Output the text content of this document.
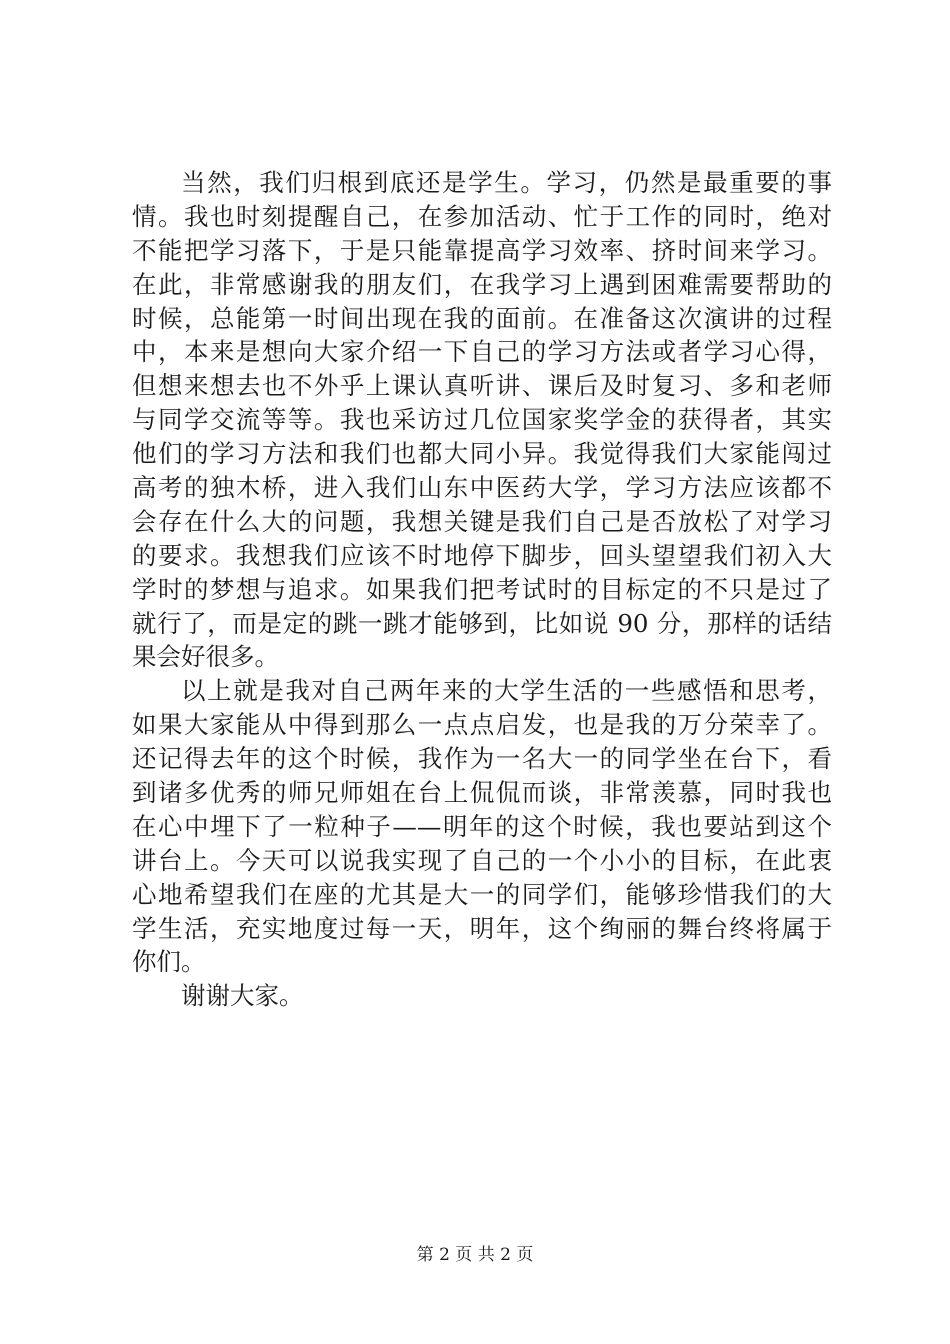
当然，我们归根到底还是学生。学习，仍然是最重要的事
情。我也时刻提醒自己，在参加活动、忙于工作的同时，绝对
不能把学习落下，于是只能靠提高学习效率、挤时间来学习。
在此，非常感谢我的朋友们，在我学习上遇到困难需要帮助的
时候，总能第一时间出现在我的面前。在准备这次演讲的过程
中，本来是想向大家介绍一下自己的学习方法或者学习心得，
但想来想去也不外乎上课认真听讲、课后及时复习、多和老师
与同学交流等等。我也采访过几位国家奖学金的获得者，其实
他们的学习方法和我们也都大同小异。我觉得我们大家能闯过
高考的独木桥，进入我们山东中医药大学，学习方法应该都不
会存在什么大的问题，我想关键是我们自己是否放松了对学习
的要求。我想我们应该不时地停下脚步，回头望望我们初入大
学时的梦想与追求。如果我们把考试时的目标定的不只是过了
就行了，而是定的跳一跳才能够到，比如说 90 分，那样的话结
果会好很多。
以上就是我对自己两年来的大学生活的一些感悟和思考，
如果大家能从中得到那么一点点启发，也是我的万分荣幸了。
还记得去年的这个时候，我作为一名大一的同学坐在台下，看
到诸多优秀的师兄师姐在台上侃侃而谈，非常羡慕，同时我也
在心中埋下了一粒种子——明年的这个时候，我也要站到这个
讲台上。今天可以说我实现了自己的一个小小的目标，在此衷
心地希望我们在座的尤其是大一的同学们，能够珍惜我们的大
学生活，充实地度过每一天，明年，这个绚丽的舞台终将属于
你们。
谢谢大家。
第 2 页 共 2 页
